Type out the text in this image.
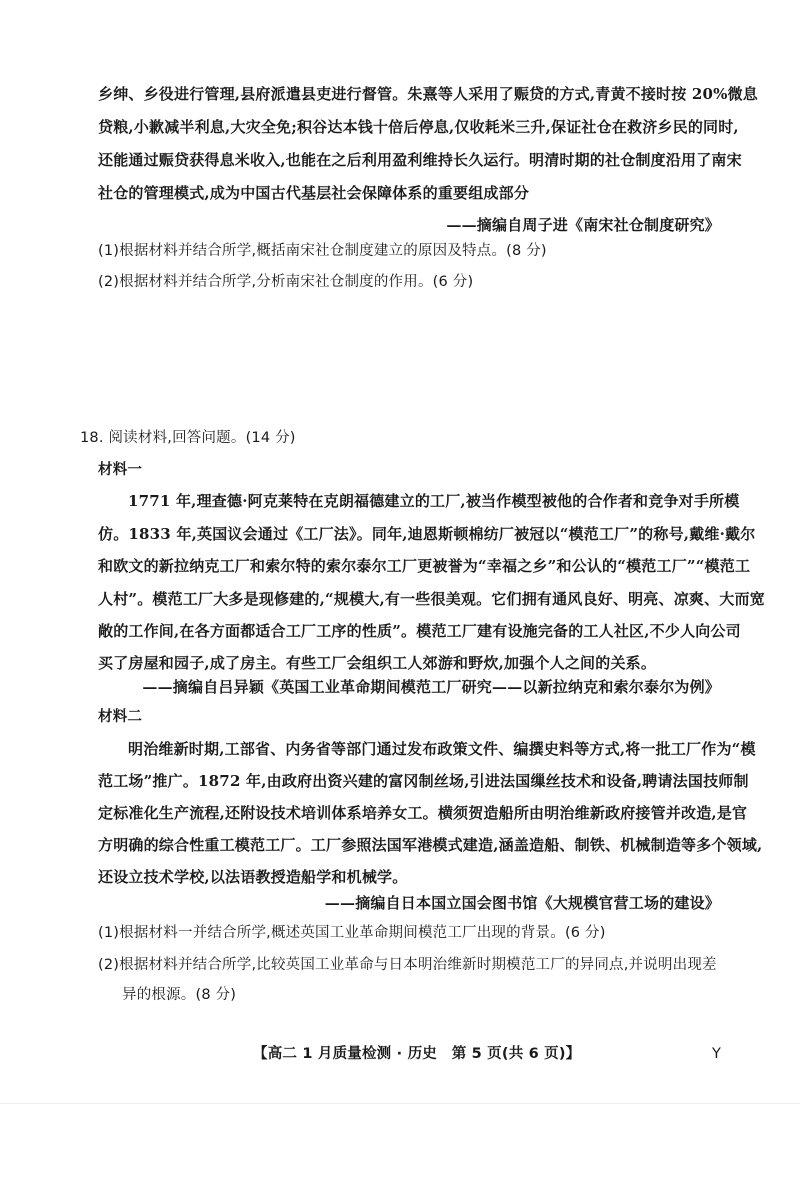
乡绅、乡役进行管理,县府派遣县吏进行督管。朱熹等人采用了赈贷的方式,青黄不接时按 20%微息
贷粮,小歉减半利息,大灾全免;积谷达本钱十倍后停息,仅收耗米三升,保证社仓在救济乡民的同时,
还能通过赈贷获得息米收入,也能在之后利用盈利维持长久运行。明清时期的社仓制度沿用了南宋
社仓的管理模式,成为中国古代基层社会保障体系的重要组成部分
——摘编自周子进《南宋社仓制度研究》
(1)根据材料并结合所学,概括南宋社仓制度建立的原因及特点。(8 分)
(2)根据材料并结合所学,分析南宋社仓制度的作用。(6 分)
18. 阅读材料,回答问题。(14 分)
材料一
1771 年,理查德·阿克莱特在克朗福德建立的工厂,被当作模型被他的合作者和竞争对手所模
仿。1833 年,英国议会通过《工厂法》。同年,迪恩斯顿棉纺厂被冠以“模范工厂”的称号,戴维·戴尔
和欧文的新拉纳克工厂和索尔特的索尔泰尔工厂更被誉为“幸福之乡”和公认的“模范工厂”“模范工
人村”。模范工厂大多是现修建的,“规模大,有一些很美观。它们拥有通风良好、明亮、凉爽、大而宽
敞的工作间,在各方面都适合工厂工序的性质”。模范工厂建有设施完备的工人社区,不少人向公司
买了房屋和园子,成了房主。有些工厂会组织工人郊游和野炊,加强个人之间的关系。
——摘编自吕异颖《英国工业革命期间模范工厂研究——以新拉纳克和索尔泰尔为例》
材料二
明治维新时期,工部省、内务省等部门通过发布政策文件、编撰史料等方式,将一批工厂作为“模
范工场”推广。1872 年,由政府出资兴建的富冈制丝场,引进法国缫丝技术和设备,聘请法国技师制
定标准化生产流程,还附设技术培训体系培养女工。横须贺造船所由明治维新政府接管并改造,是官
方明确的综合性重工模范工厂。工厂参照法国军港模式建造,涵盖造船、制铁、机械制造等多个领域,
还设立技术学校,以法语教授造船学和机械学。
——摘编自日本国立国会图书馆《大规模官营工场的建设》
(1)根据材料一并结合所学,概述英国工业革命期间模范工厂出现的背景。(6 分)
(2)根据材料并结合所学,比较英国工业革命与日本明治维新时期模范工厂的异同点,并说明出现差
异的根源。(8 分)
【高二 1 月质量检测 · 历史　第 5 页(共 6 页)】	Y
